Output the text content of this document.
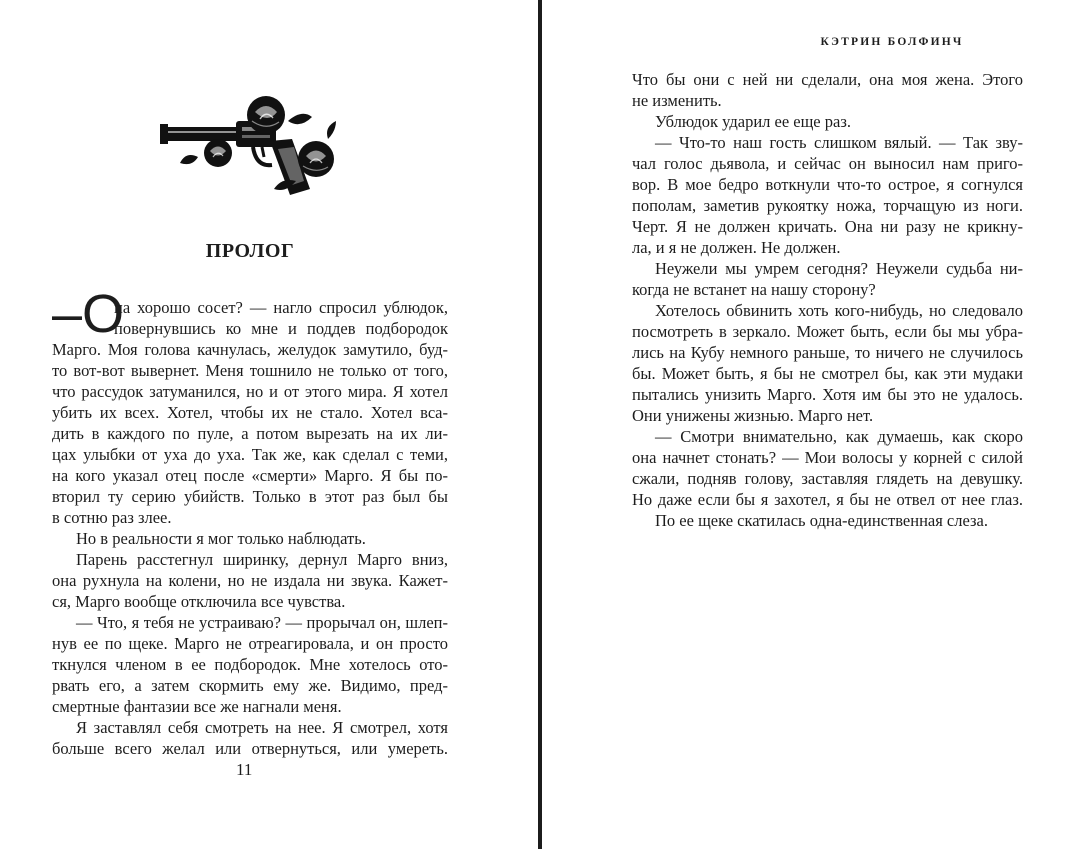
ПРОЛОГ
–О
на хорошо сосет? — нагло спросил ублюдок,
повернувшись ко мне и поддев подбородок
Марго. Моя голова качнулась, желудок замутило, буд-
то вот-вот вывернет. Меня тошнило не только от того,
что рассудок затуманился, но и от этого мира. Я хотел
убить их всех. Хотел, чтобы их не стало. Хотел всa-
дить в каждого по пуле, а потом вырезать на их ли-
цах улыбки от уха до уха. Так же, как сделал с теми,
на кого указал отец после «смерти» Марго. Я бы по-
вторил ту серию убийств. Только в этот раз был бы
в сотню раз злее.
Но в реальности я мог только наблюдать.
Парень расстегнул ширинку, дернул Марго вниз,
она рухнула на колени, но не издала ни звука. Кажет-
ся, Марго вообще отключила все чувства.
— Что, я тебя не устраиваю? — прорычал он, шлеп-
нув ее по щеке. Марго не отреагировала, и он просто
ткнулся членом в ее подбородок. Мне хотелось ото-
рвать его, а затем скормить ему же. Видимо, пред-
смертные фантазии все же нагнали меня.
Я заставлял себя смотреть на нее. Я смотрел, хотя
больше всего желал или отвернуться, или умереть.
11
КЭТРИН БОЛФИНЧ
Что бы они с ней ни сделали, она моя жена. Этого
не изменить.
Ублюдок ударил ее еще раз.
— Что-то наш гость слишком вялый. — Так зву-
чал голос дьявола, и сейчас он выносил нам приго-
вор. В мое бедро воткнули что-то острое, я согнулся
пополам, заметив рукоятку ножа, торчащую из ноги.
Черт. Я не должен кричать. Она ни разу не крикну-
ла, и я не должен. Не должен.
Неужели мы умрем сегодня? Неужели судьба ни-
когда не встанет на нашу сторону?
Хотелось обвинить хоть кого-нибудь, но следовало
посмотреть в зеркало. Может быть, если бы мы убра-
лись на Кубу немного раньше, то ничего не случилось
бы. Может быть, я бы не смотрел бы, как эти мудаки
пытались унизить Марго. Хотя им бы это не удалось.
Они унижены жизнью. Марго нет.
— Смотри внимательно, как думаешь, как скоро
она начнет стонать? — Мои волосы у корней с силой
сжали, подняв голову, заставляя глядеть на девушку.
Но даже если бы я захотел, я бы не отвел от нее глаз.
По ее щеке скатилась одна-единственная слеза.
